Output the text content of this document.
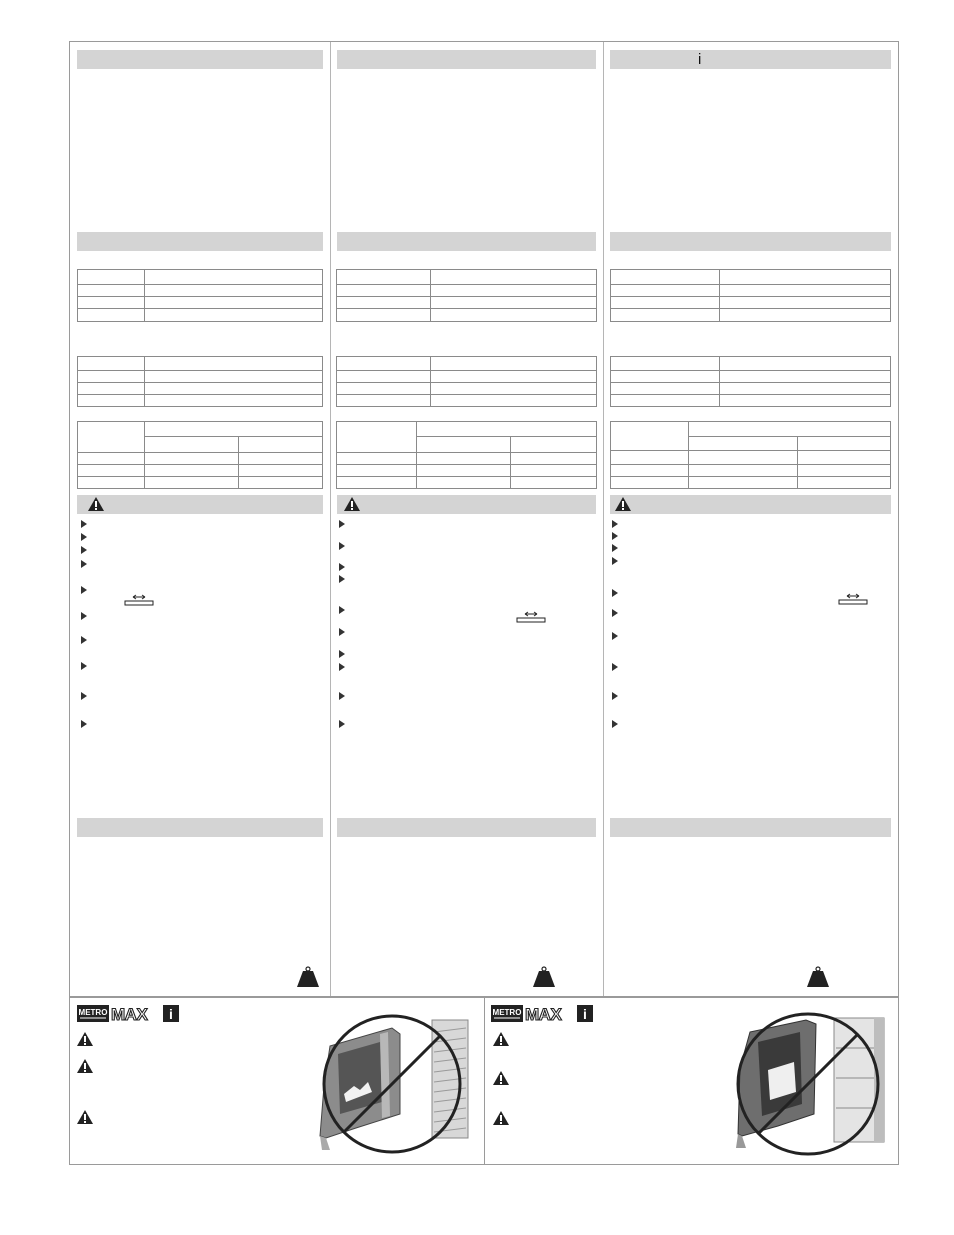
i
METRO MAX i	METRO MAX i
